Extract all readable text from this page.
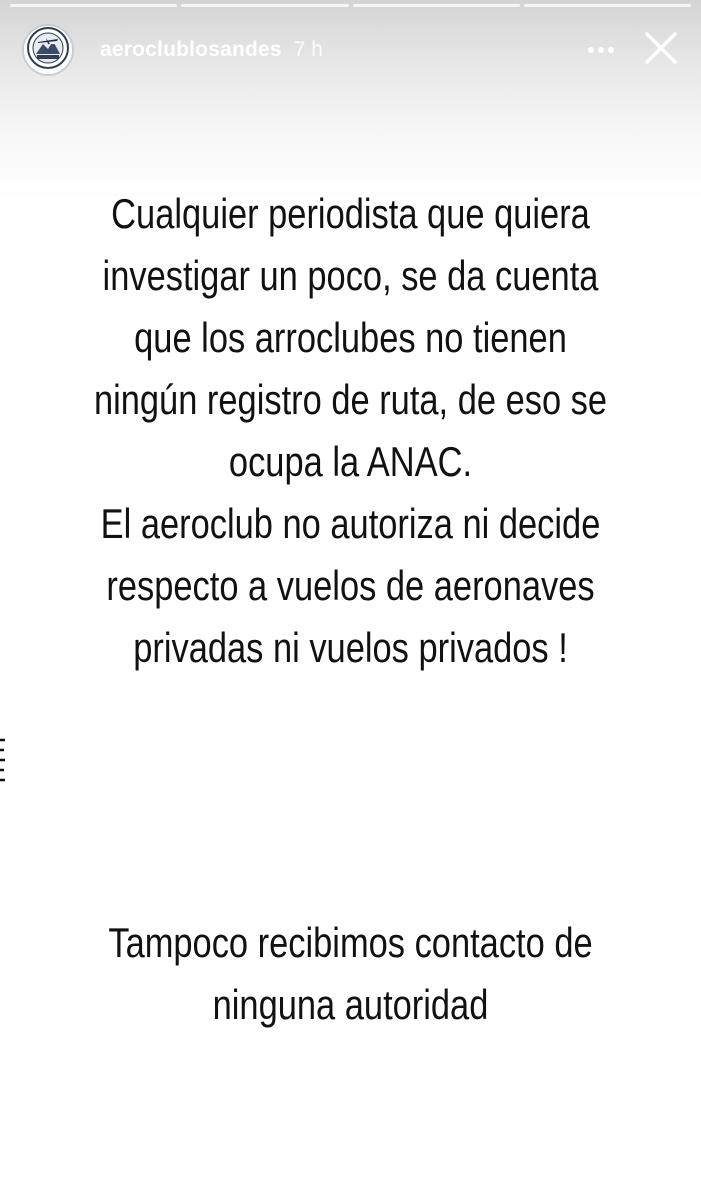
aeroclublosandes 7 h
Cualquier periodista que quiera
investigar un poco, se da cuenta
que los arroclubes no tienen
ningún registro de ruta, de eso se
ocupa la ANAC.
El aeroclub no autoriza ni decide
respecto a vuelos de aeronaves
privadas ni vuelos privados !
Tampoco recibimos contacto de
ninguna autoridad
